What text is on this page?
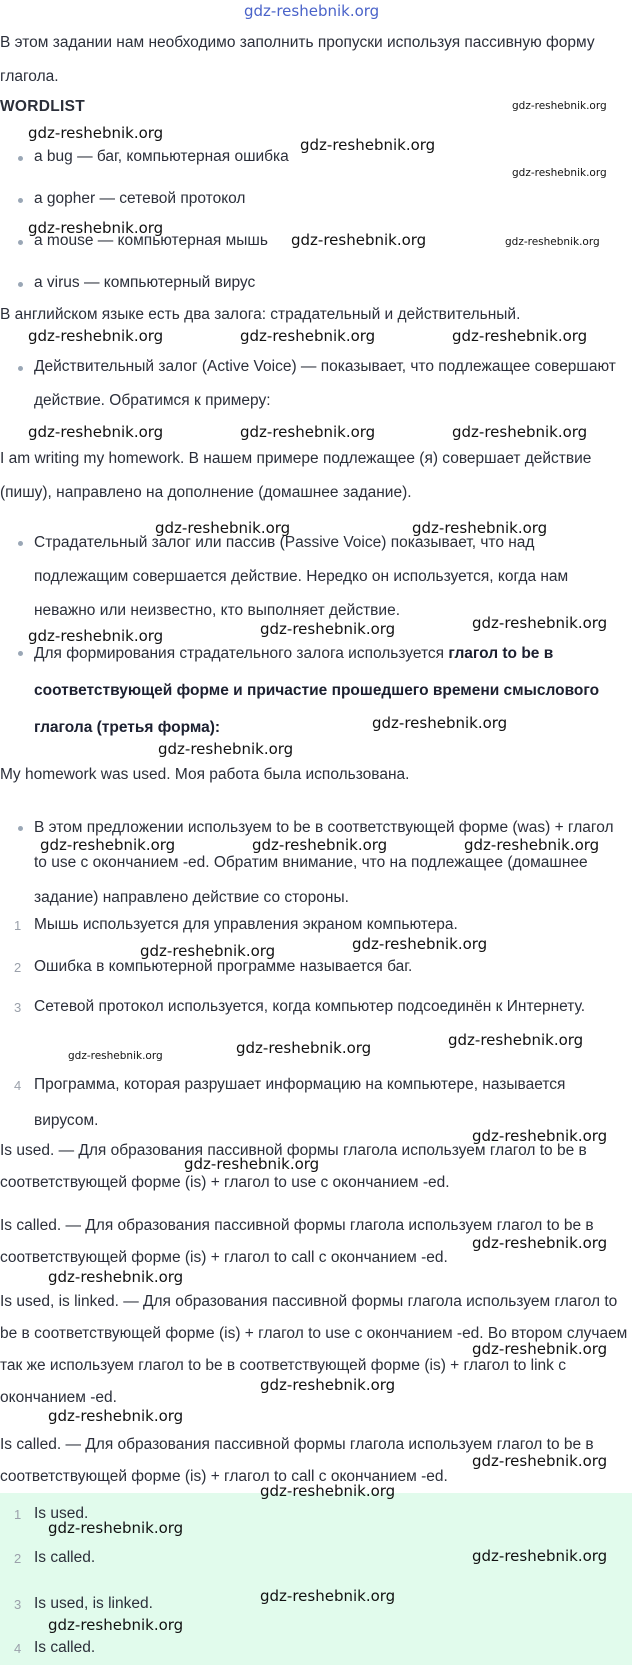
gdz-reshebnik.org
В этом задании нам необходимо заполнить пропуски используя пассивную форму глагола.
WORDLIST
a bug — баг, компьютерная ошибка
a gopher — сетевой протокол
a mouse — компьютерная мышь
a virus — компьютерный вирус
В английском языке есть два залога: страдательный и действительный.
Действительный залог (Active Voice) — показывает, что подлежащее совершают действие. Обратимся к примеру:
I am writing my homework. В нашем примере подлежащее (я) совершает действие (пишу), направлено на дополнение (домашнее задание).
Страдательный залог или пассив (Passive Voice) показывает, что над подлежащим совершается действие. Нередко он используется, когда нам неважно или неизвестно, кто выполняет действие.
Для формирования страдательного залога используется глагол to be в соответствующей форме и причастие прошедшего времени смыслового глагола (третья форма):
My homework was used. Моя работа была использована.
В этом предложении используем to be в соответствующей форме (was) + глагол to use с окончанием -ed. Обратим внимание, что на подлежащее (домашнее задание) направлено действие со стороны.
1 Мышь используется для управления экраном компьютера.
2 Ошибка в компьютерной программе называется баг.
3 Сетевой протокол используется, когда компьютер подсоединён к Интернету.
4 Программа, которая разрушает информацию на компьютере, называется вирусом.
Is used. — Для образования пассивной формы глагола используем глагол to be в соответствующей форме (is) + глагол to use с окончанием -ed.
Is called. — Для образования пассивной формы глагола используем глагол to be в соответствующей форме (is) + глагол to call с окончанием -ed.
Is used, is linked. — Для образования пассивной формы глагола используем глагол to be в соответствующей форме (is) + глагол to use с окончанием -ed. Во втором случаем так же используем глагол to be в соответствующей форме (is) + глагол to link с окончанием -ed.
Is called. — Для образования пассивной формы глагола используем глагол to be в соответствующей форме (is) + глагол to call с окончанием -ed.
1 Is used.
2 Is called.
3 Is used, is linked.
4 Is called.
gdz-reshebnik.org
gdz-reshebnik.org
gdz-reshebnik.org
gdz-reshebnik.org
gdz-reshebnik.org
gdz-reshebnik.org	gdz-reshebnik.org
gdz-reshebnik.org	gdz-reshebnik.org	gdz-reshebnik.org
gdz-reshebnik.org	gdz-reshebnik.org	gdz-reshebnik.org
gdz-reshebnik.org	gdz-reshebnik.org
gdz-reshebnik.org
gdz-reshebnik.org
gdz-reshebnik.org
gdz-reshebnik.org
gdz-reshebnik.org
gdz-reshebnik.org	gdz-reshebnik.org	gdz-reshebnik.org
gdz-reshebnik.org
gdz-reshebnik.org
gdz-reshebnik.org
gdz-reshebnik.org
gdz-reshebnik.org
gdz-reshebnik.org
gdz-reshebnik.org
gdz-reshebnik.org
gdz-reshebnik.org
gdz-reshebnik.org
gdz-reshebnik.org
gdz-reshebnik.org
gdz-reshebnik.org
gdz-reshebnik.org
gdz-reshebnik.org
gdz-reshebnik.org
gdz-reshebnik.org
gdz-reshebnik.org
